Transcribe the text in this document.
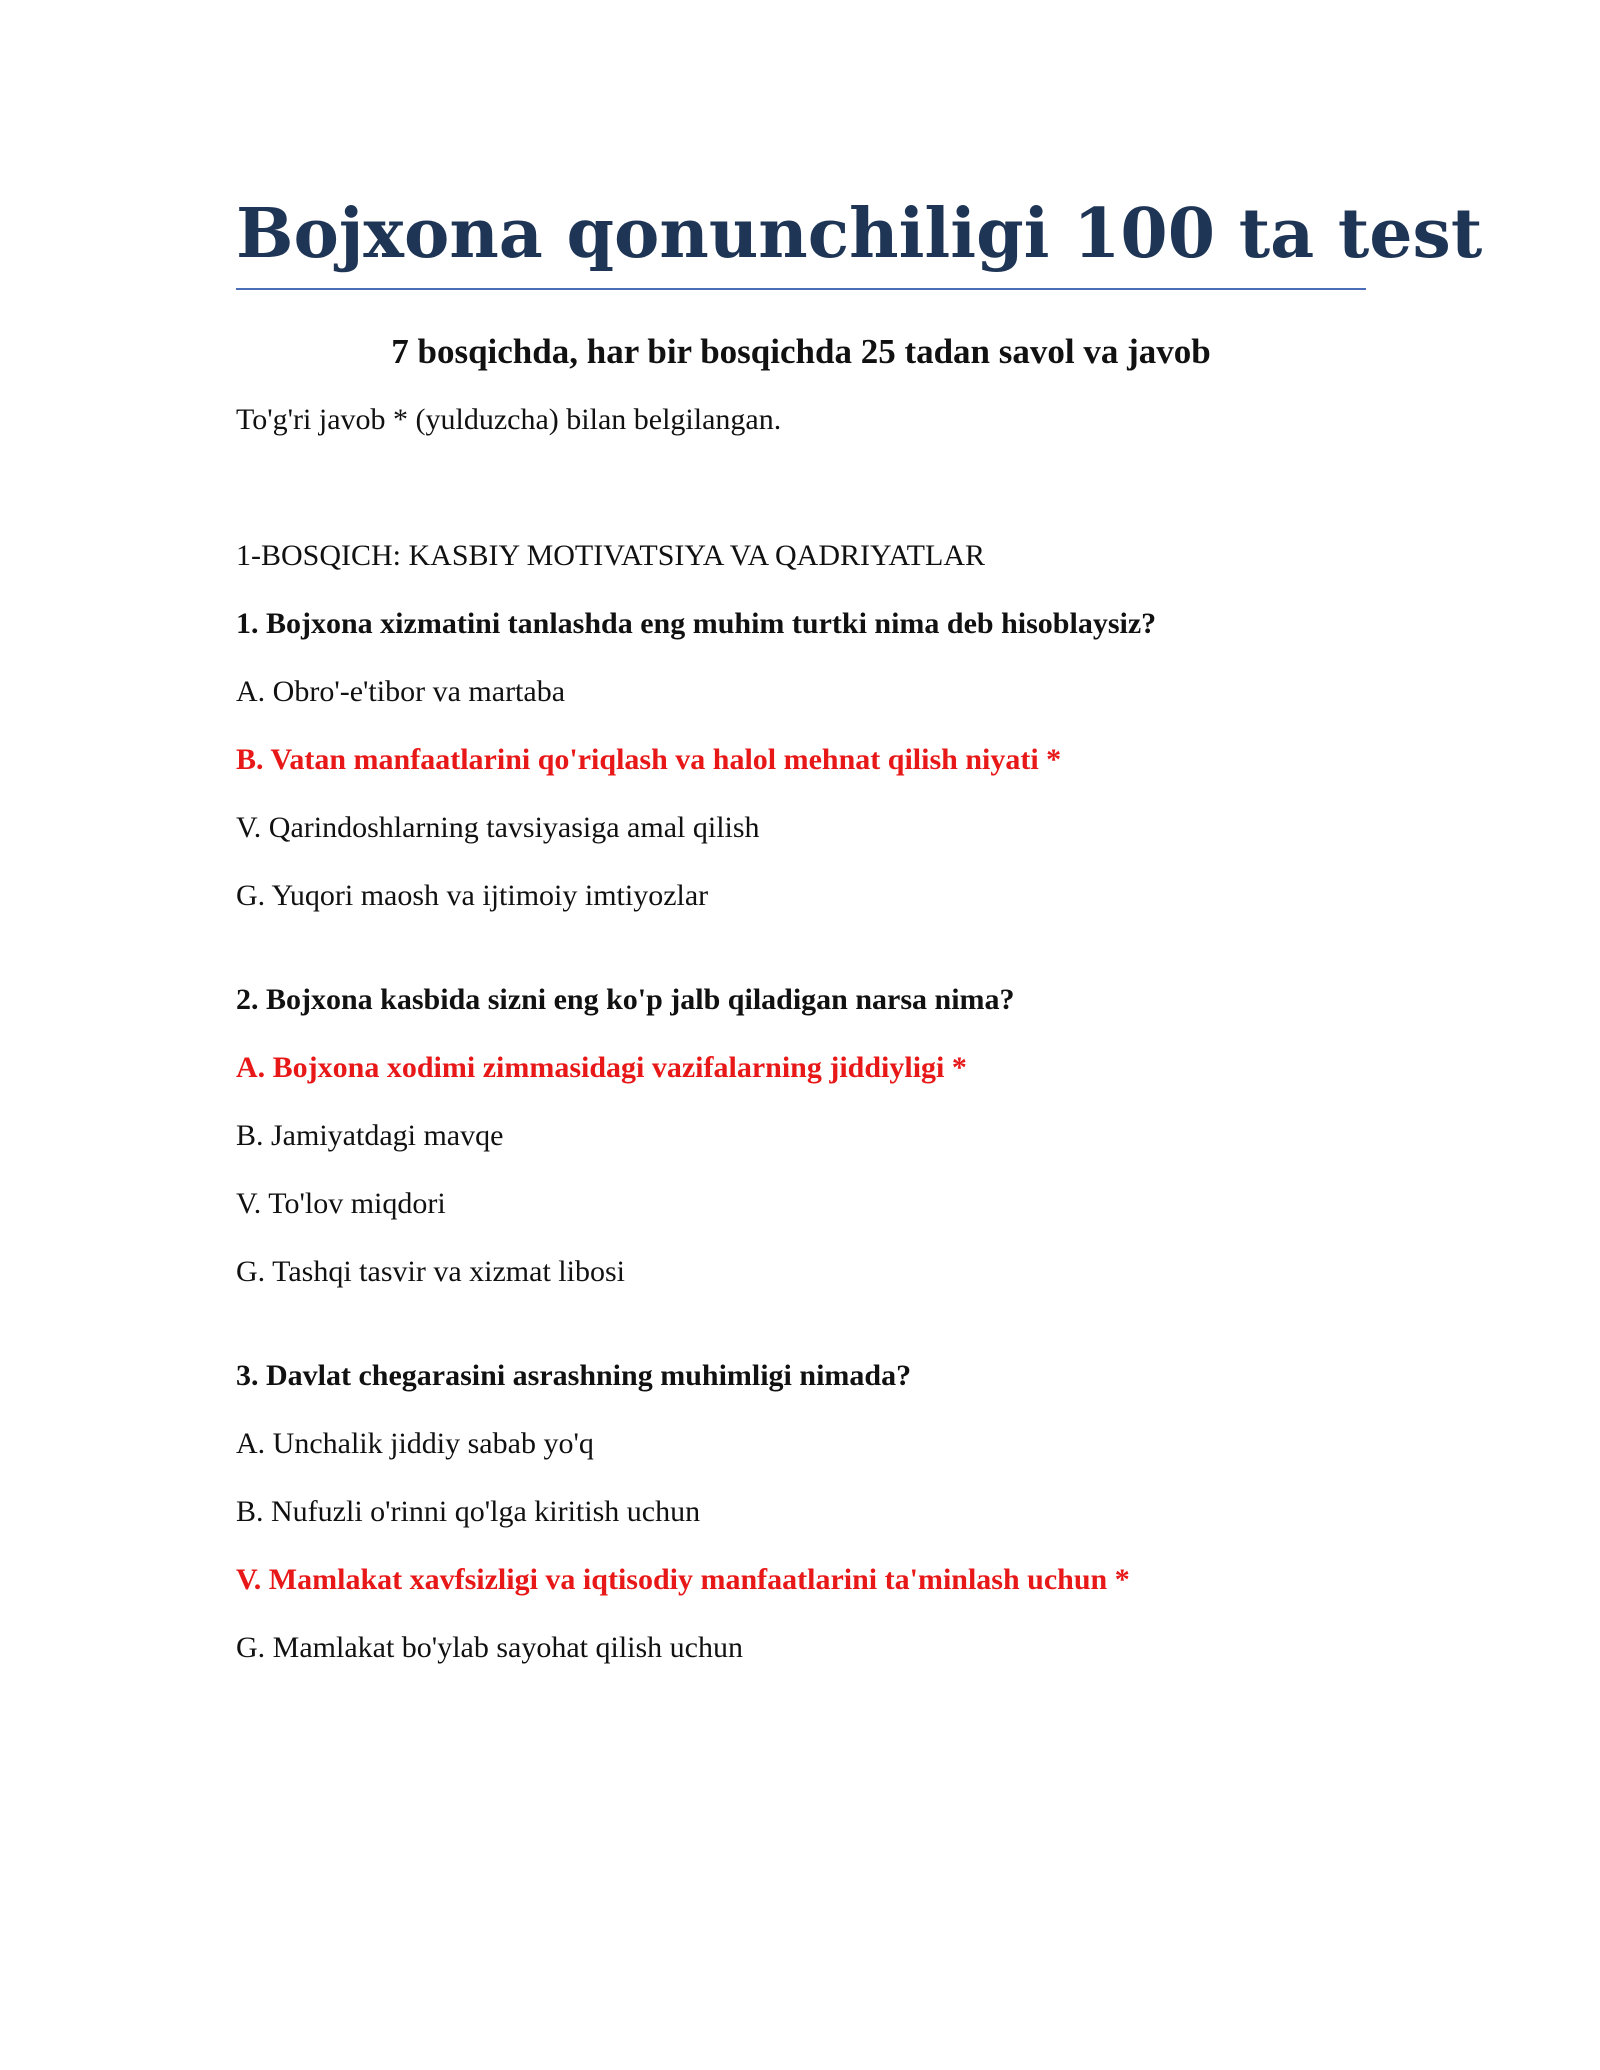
Bojxona qonunchiligi 100 ta test
7 bosqichda, har bir bosqichda 25 tadan savol va javob
To'g'ri javob * (yulduzcha) bilan belgilangan.
1-BOSQICH: KASBIY MOTIVATSIYA VA QADRIYATLAR
1. Bojxona xizmatini tanlashda eng muhim turtki nima deb hisoblaysiz?
A. Obro'-e'tibor va martaba
B. Vatan manfaatlarini qo'riqlash va halol mehnat qilish niyati *
V. Qarindoshlarning tavsiyasiga amal qilish
G. Yuqori maosh va ijtimoiy imtiyozlar
2. Bojxona kasbida sizni eng ko'p jalb qiladigan narsa nima?
A. Bojxona xodimi zimmasidagi vazifalarning jiddiyligi *
B. Jamiyatdagi mavqe
V. To'lov miqdori
G. Tashqi tasvir va xizmat libosi
3. Davlat chegarasini asrashning muhimligi nimada?
A. Unchalik jiddiy sabab yo'q
B. Nufuzli o'rinni qo'lga kiritish uchun
V. Mamlakat xavfsizligi va iqtisodiy manfaatlarini ta'minlash uchun *
G. Mamlakat bo'ylab sayohat qilish uchun
